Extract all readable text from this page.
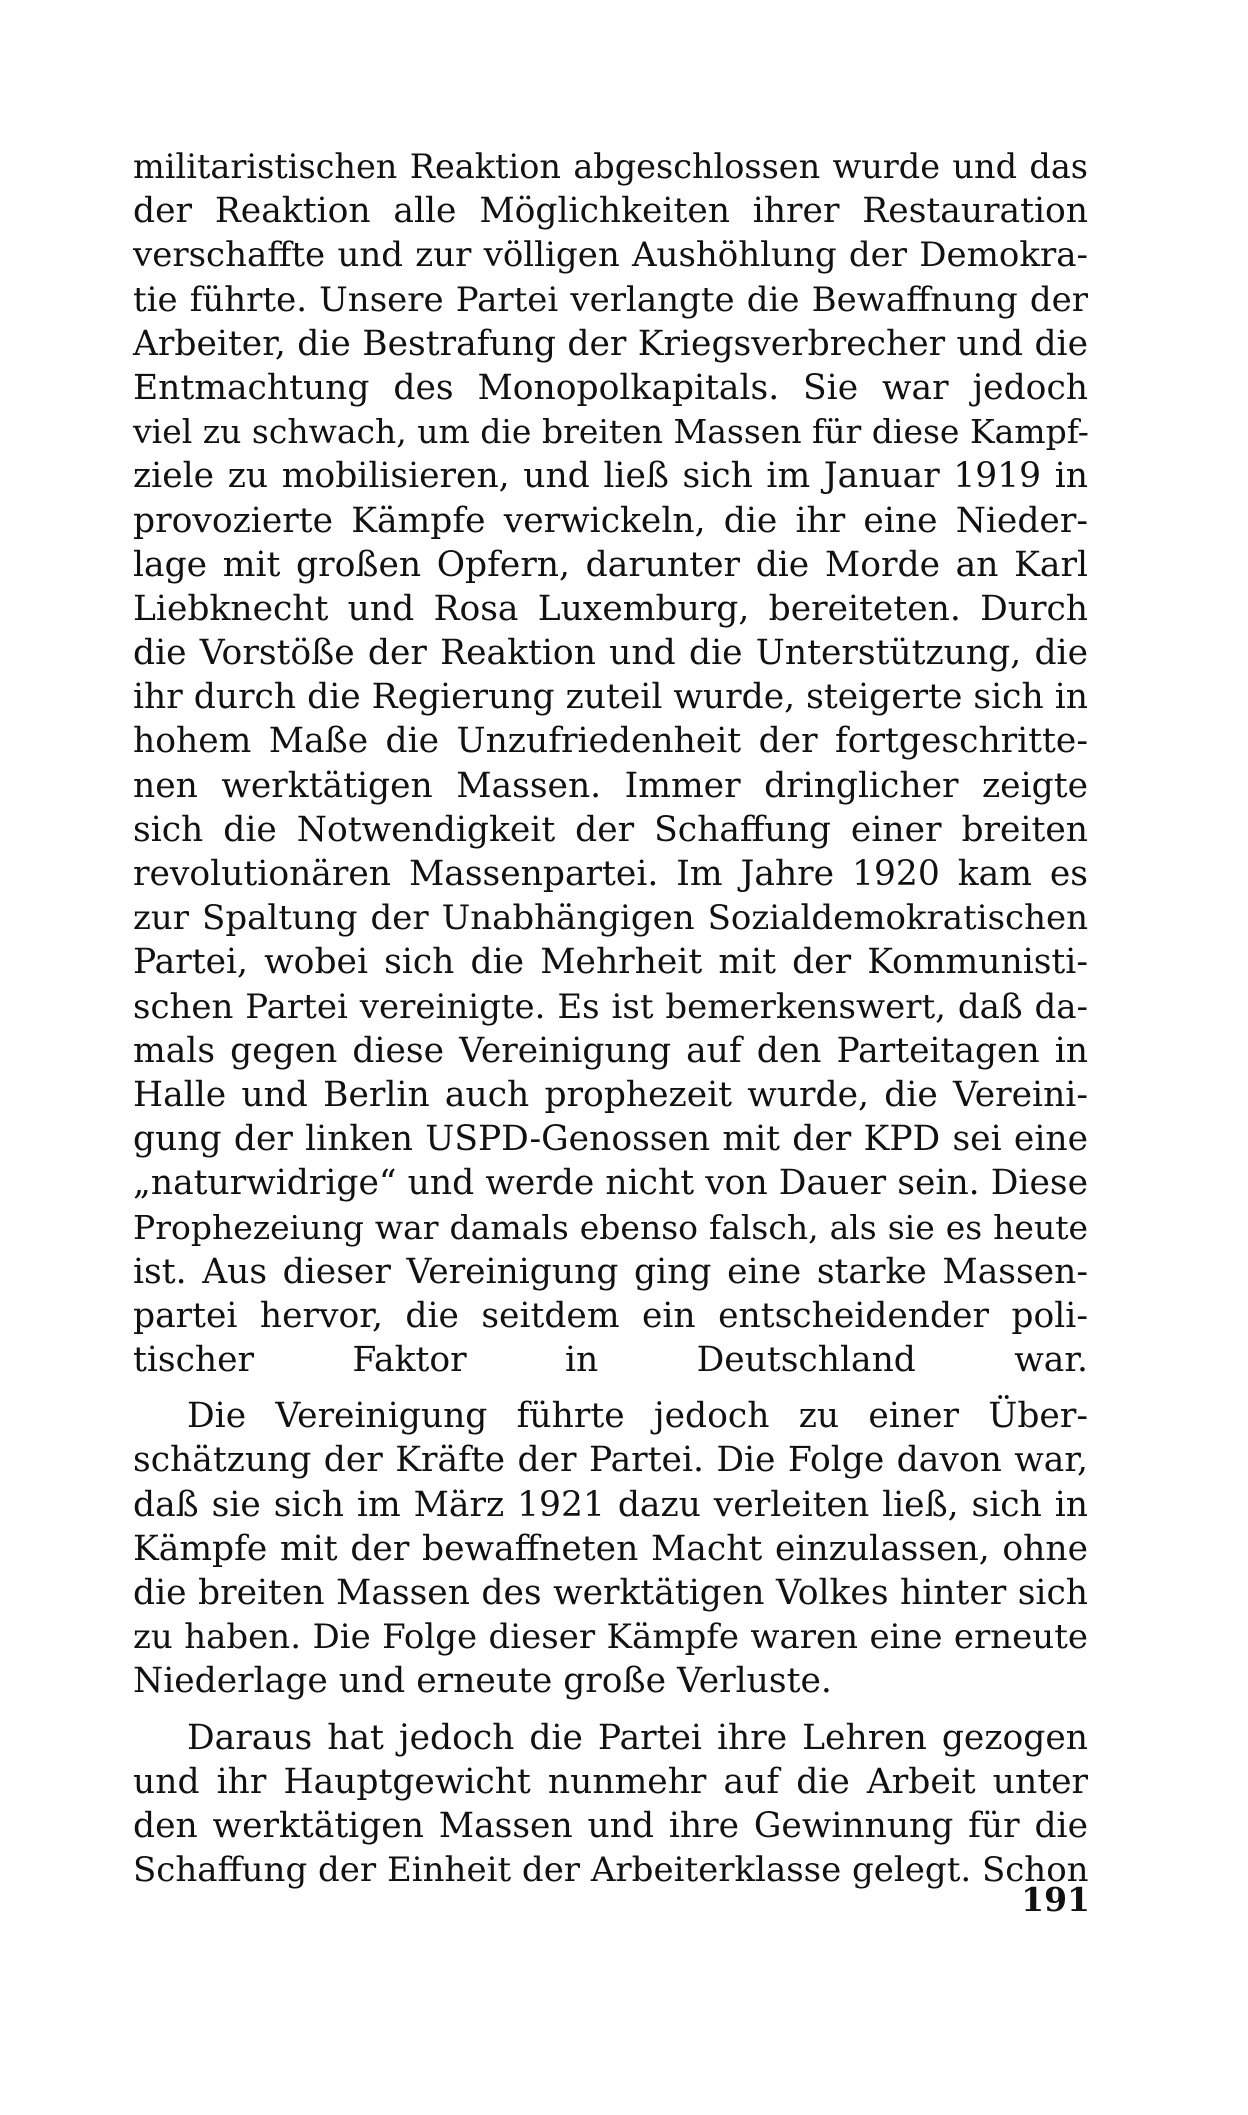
militaristischen Reaktion abgeschlossen wurde und das
der Reaktion alle Möglichkeiten ihrer Restauration
verschaffte und zur völligen Aushöhlung der Demokra-
tie führte. Unsere Partei verlangte die Bewaffnung der
Arbeiter, die Bestrafung der Kriegsverbrecher und die
Entmachtung des Monopolkapitals. Sie war jedoch
viel zu schwach, um die breiten Massen für diese Kampf-
ziele zu mobilisieren, und ließ sich im Januar 1919 in
provozierte Kämpfe verwickeln, die ihr eine Nieder-
lage mit großen Opfern, darunter die Morde an Karl
Liebknecht und Rosa Luxemburg, bereiteten. Durch
die Vorstöße der Reaktion und die Unterstützung, die
ihr durch die Regierung zuteil wurde, steigerte sich in
hohem Maße die Unzufriedenheit der fortgeschritte-
nen werktätigen Massen. Immer dringlicher zeigte
sich die Notwendigkeit der Schaffung einer breiten
revolutionären Massenpartei. Im Jahre 1920 kam es
zur Spaltung der Unabhängigen Sozialdemokratischen
Partei, wobei sich die Mehrheit mit der Kommunisti-
schen Partei vereinigte. Es ist bemerkenswert, daß da-
mals gegen diese Vereinigung auf den Parteitagen in
Halle und Berlin auch prophezeit wurde, die Vereini-
gung der linken USPD-Genossen mit der KPD sei eine
„naturwidrige“ und werde nicht von Dauer sein. Diese
Prophezeiung war damals ebenso falsch, als sie es heute
ist. Aus dieser Vereinigung ging eine starke Massen-
partei hervor, die seitdem ein entscheidender poli-
tischer Faktor in Deutschland war.
Die Vereinigung führte jedoch zu einer Über-
schätzung der Kräfte der Partei. Die Folge davon war,
daß sie sich im März 1921 dazu verleiten ließ, sich in
Kämpfe mit der bewaffneten Macht einzulassen, ohne
die breiten Massen des werktätigen Volkes hinter sich
zu haben. Die Folge dieser Kämpfe waren eine erneute
Niederlage und erneute große Verluste.
Daraus hat jedoch die Partei ihre Lehren gezogen
und ihr Hauptgewicht nunmehr auf die Arbeit unter
den werktätigen Massen und ihre Gewinnung für die
Schaffung der Einheit der Arbeiterklasse gelegt. Schon
191
